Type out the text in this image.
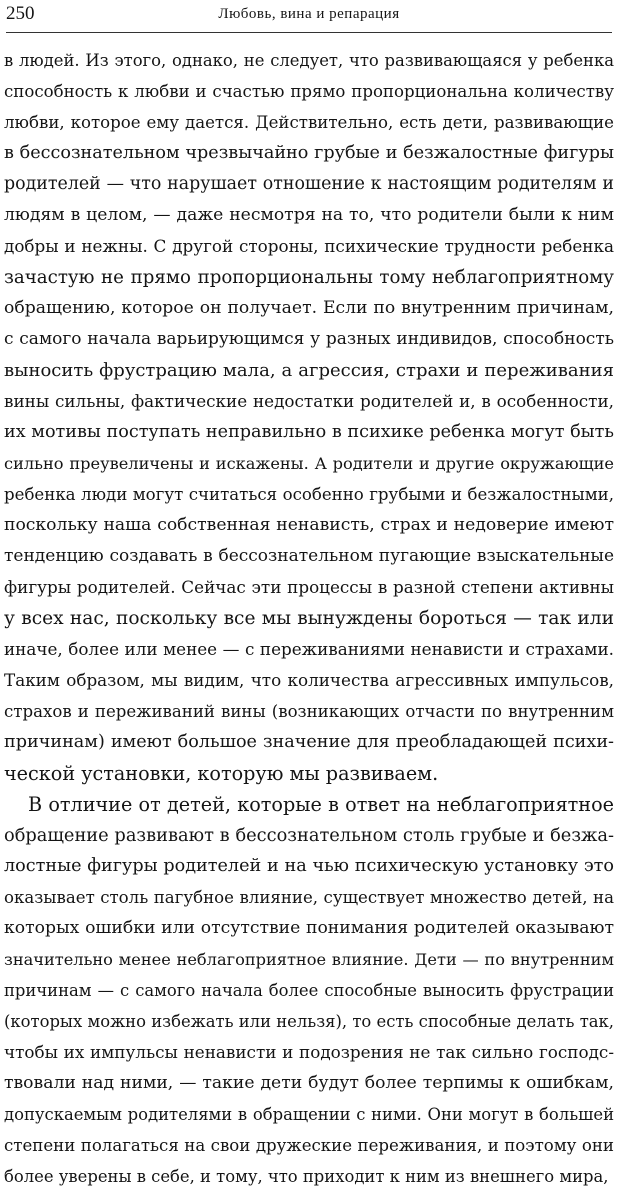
250	Любовь, вина и репарация
в людей. Из этого, однако, не следует, что развивающаяся у ребенка
способность к любви и счастью прямо пропорциональна количеству
любви, которое ему дается. Действительно, есть дети, развивающие
в бессознательном чрезвычайно грубые и безжалостные фигуры
родителей — что нарушает отношение к настоящим родителям и
людям в целом, — даже несмотря на то, что родители были к ним
добры и нежны. С другой стороны, психические трудности ребенка
зачастую не прямо пропорциональны тому неблагоприятному
обращению, которое он получает. Если по внутренним причинам,
с самого начала варьирующимся у разных индивидов, способность
выносить фрустрацию мала, а агрессия, страхи и переживания
вины сильны, фактические недостатки родителей и, в особенности,
их мотивы поступать неправильно в психике ребенка могут быть
сильно преувеличены и искажены. А родители и другие окружающие
ребенка люди могут считаться особенно грубыми и безжалостными,
поскольку наша собственная ненависть, страх и недоверие имеют
тенденцию создавать в бессознательном пугающие взыскательные
фигуры родителей. Сейчас эти процессы в разной степени активны
у всех нас, поскольку все мы вынуждены бороться — так или
иначе, более или менее — с переживаниями ненависти и страхами.
Таким образом, мы видим, что количества агрессивных импульсов,
страхов и переживаний вины (возникающих отчасти по внутренним
причинам) имеют большое значение для преобладающей психи-
ческой установки, которую мы развиваем.
В отличие от детей, которые в ответ на неблагоприятное
обращение развивают в бессознательном столь грубые и безжа-
лостные фигуры родителей и на чью психическую установку это
оказывает столь пагубное влияние, существует множество детей, на
которых ошибки или отсутствие понимания родителей оказывают
значительно менее неблагоприятное влияние. Дети — по внутренним
причинам — с самого начала более способные выносить фрустрации
(которых можно избежать или нельзя), то есть способные делать так,
чтобы их импульсы ненависти и подозрения не так сильно господс-
твовали над ними, — такие дети будут более терпимы к ошибкам,
допускаемым родителями в обращении с ними. Они могут в большей
степени полагаться на свои дружеские переживания, и поэтому они
более уверены в себе, и тому, что приходит к ним из внешнего мира,
